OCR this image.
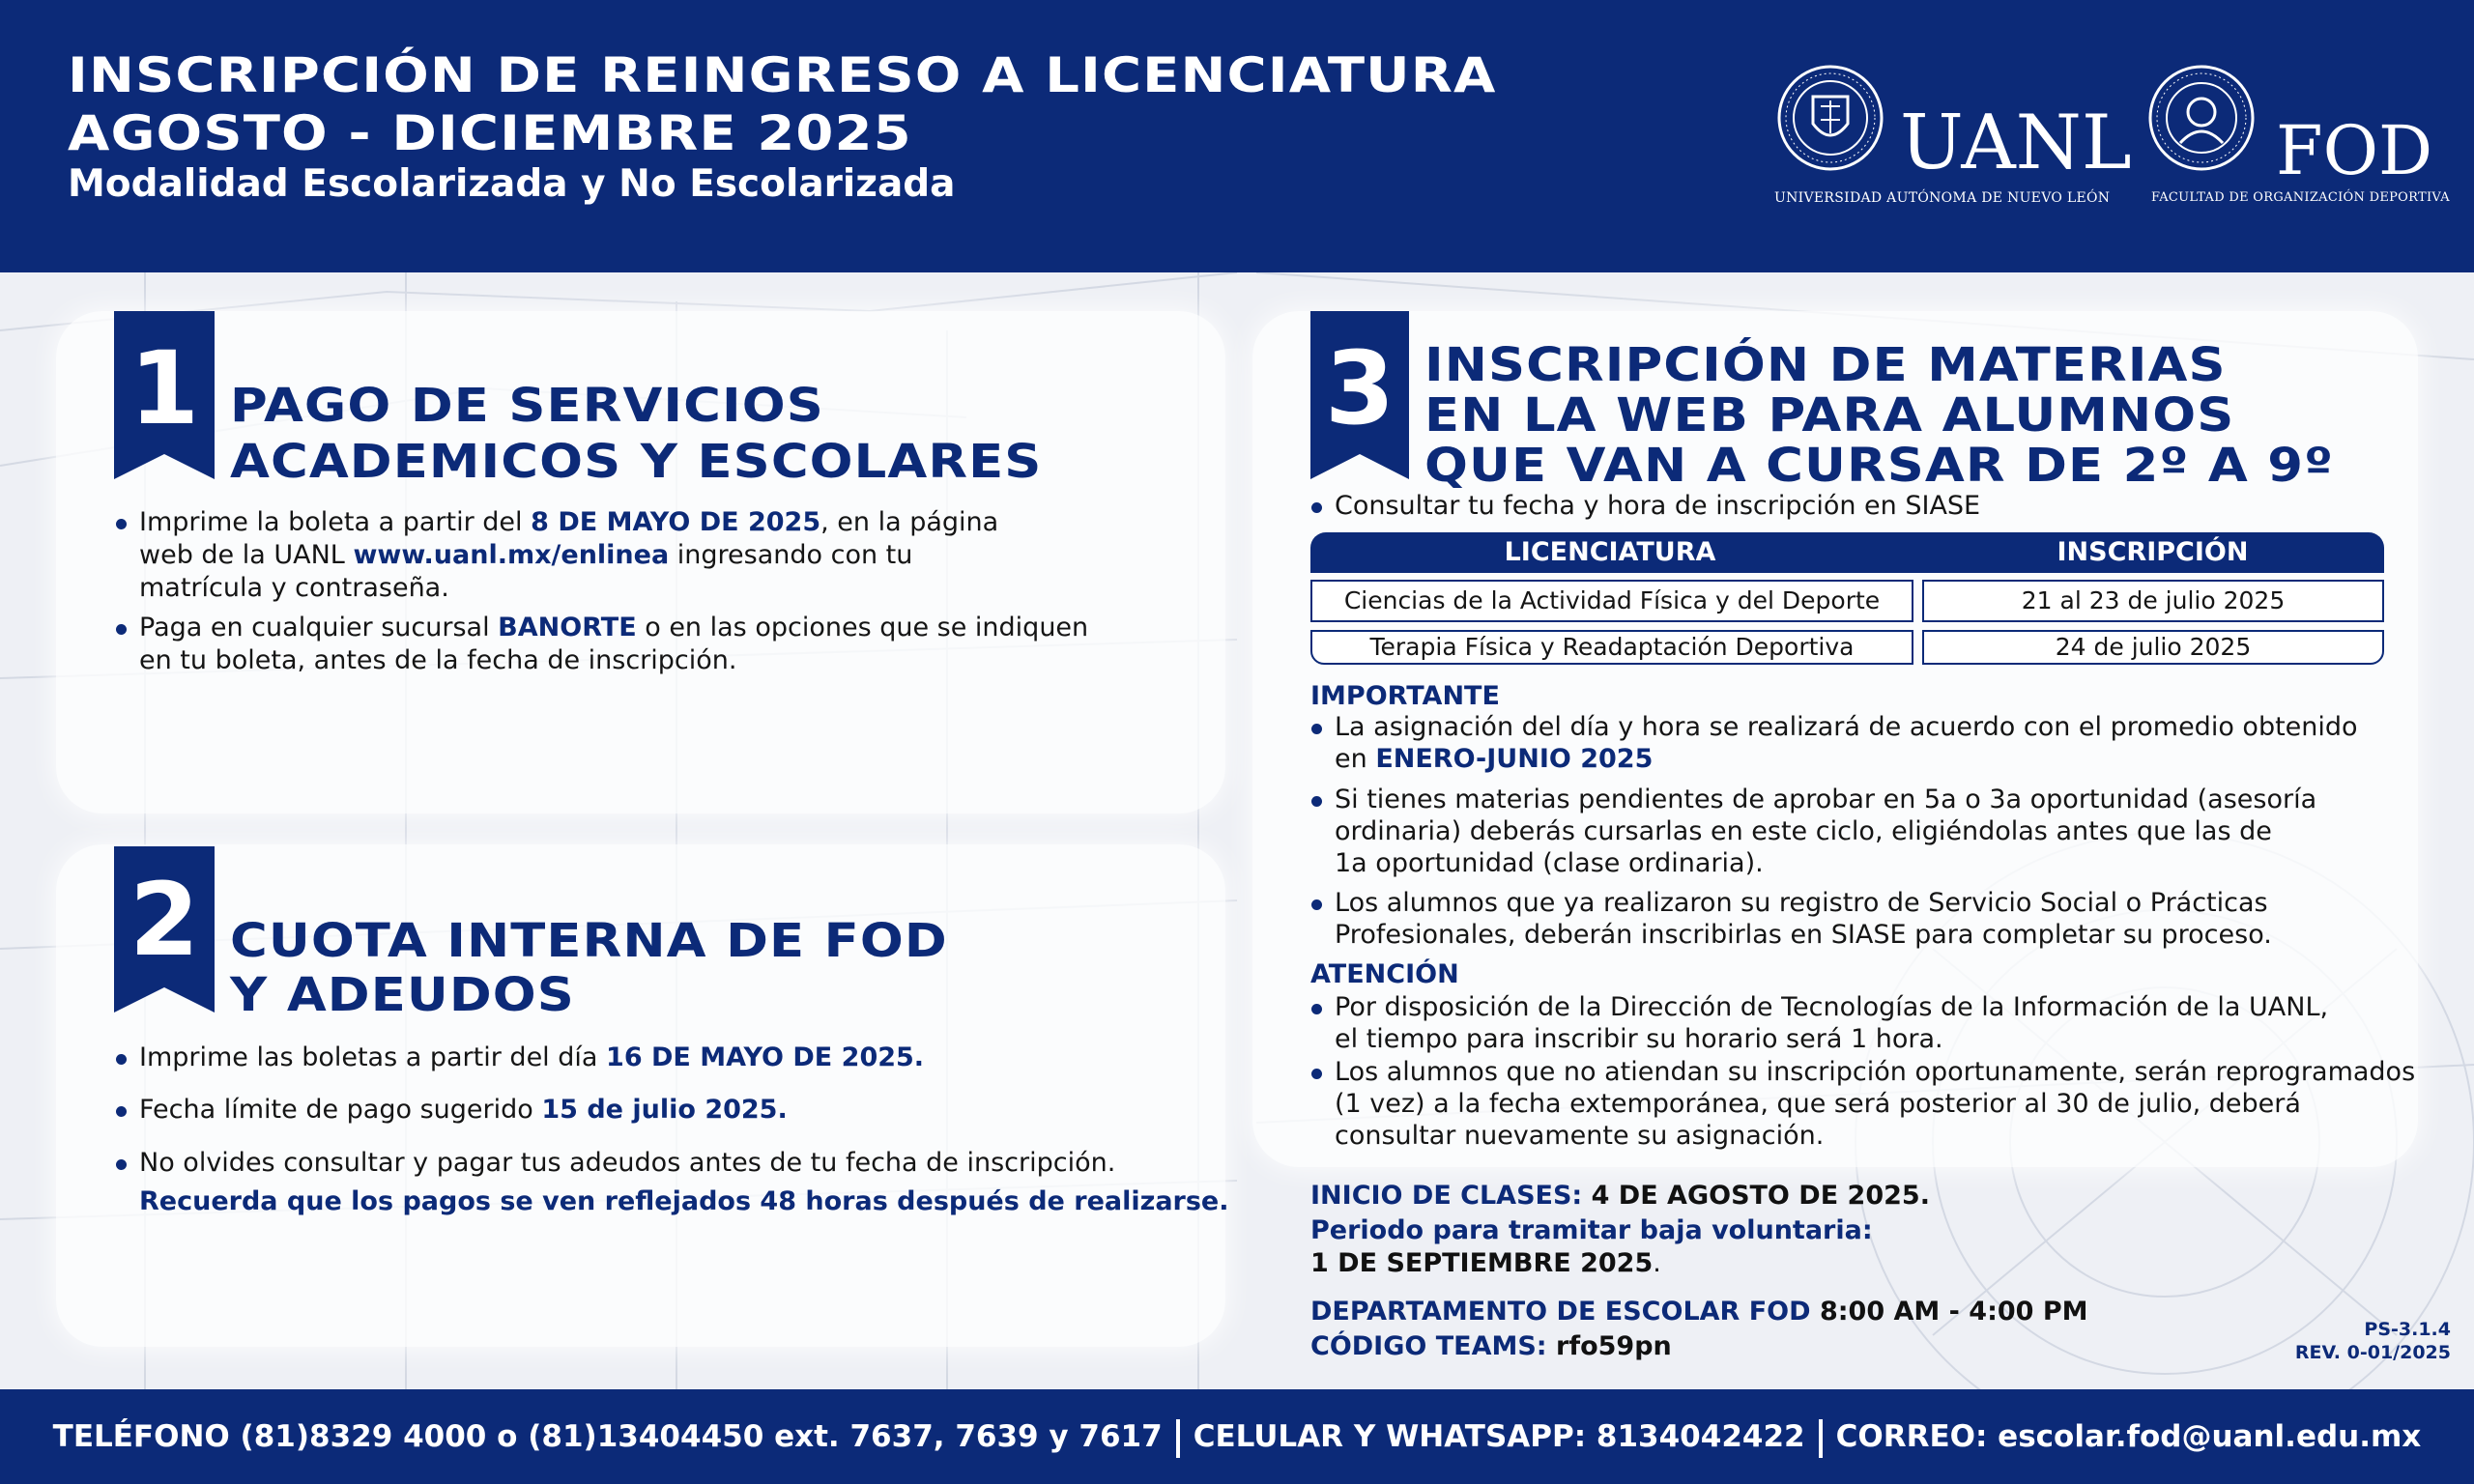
INSCRIPCIÓN DE REINGRESO A LICENCIATURA
AGOSTO - DICIEMBRE 2025
Modalidad Escolarizada y No Escolarizada	UANL
UNIVERSIDAD AUTÓNOMA DE NUEVO LEÓN
FOD
FACULTAD DE ORGANIZACIÓN DEPORTIVA
1 PAGO DE SERVICIOS
ACADEMICOS Y ESCOLARES
Imprime la boleta a partir del 8 DE MAYO DE 2025, en la página
web de la UANL www.uanl.mx/enlinea ingresando con tu
matrícula y contraseña.
Paga en cualquier sucursal BANORTE o en las opciones que se indiquen
en tu boleta, antes de la fecha de inscripción.
2 CUOTA INTERNA DE FOD
Y ADEUDOS
Imprime las boletas a partir del día 16 DE MAYO DE 2025.
Fecha límite de pago sugerido 15 de julio 2025.
No olvides consultar y pagar tus adeudos antes de tu fecha de inscripción.
Recuerda que los pagos se ven reflejados 48 horas después de realizarse.
3 INSCRIPCIÓN DE MATERIAS
EN LA WEB PARA ALUMNOS
QUE VAN A CURSAR DE 2º A 9º
Consultar tu fecha y hora de inscripción en SIASE
LICENCIATURA	INSCRIPCIÓN
Ciencias de la Actividad Física y del Deporte	21 al 23 de julio 2025
Terapia Física y Readaptación Deportiva	24 de julio 2025
IMPORTANTE
La asignación del día y hora se realizará de acuerdo con el promedio obtenido
en ENERO-JUNIO 2025
Si tienes materias pendientes de aprobar en 5a o 3a oportunidad (asesoría
ordinaria) deberás cursarlas en este ciclo, eligiéndolas antes que las de
1a oportunidad (clase ordinaria).
Los alumnos que ya realizaron su registro de Servicio Social o Prácticas
Profesionales, deberán inscribirlas en SIASE para completar su proceso.
ATENCIÓN
Por disposición de la Dirección de Tecnologías de la Información de la UANL,
el tiempo para inscribir su horario será 1 hora.
Los alumnos que no atiendan su inscripción oportunamente, serán reprogramados
(1 vez) a la fecha extemporánea, que será posterior al 30 de julio, deberá
consultar nuevamente su asignación.
INICIO DE CLASES: 4 DE AGOSTO DE 2025.
Periodo para tramitar baja voluntaria:
1 DE SEPTIEMBRE 2025.
DEPARTAMENTO DE ESCOLAR FOD 8:00 AM - 4:00 PM
CÓDIGO TEAMS: rfo59pn
PS-3.1.4
REV. 0-01/2025
TELÉFONO (81)8329 4000 o (81)13404450 ext. 7637, 7639 y 7617 CELULAR Y WHATSAPP: 8134042422 CORREO: escolar.fod@uanl.edu.mx
